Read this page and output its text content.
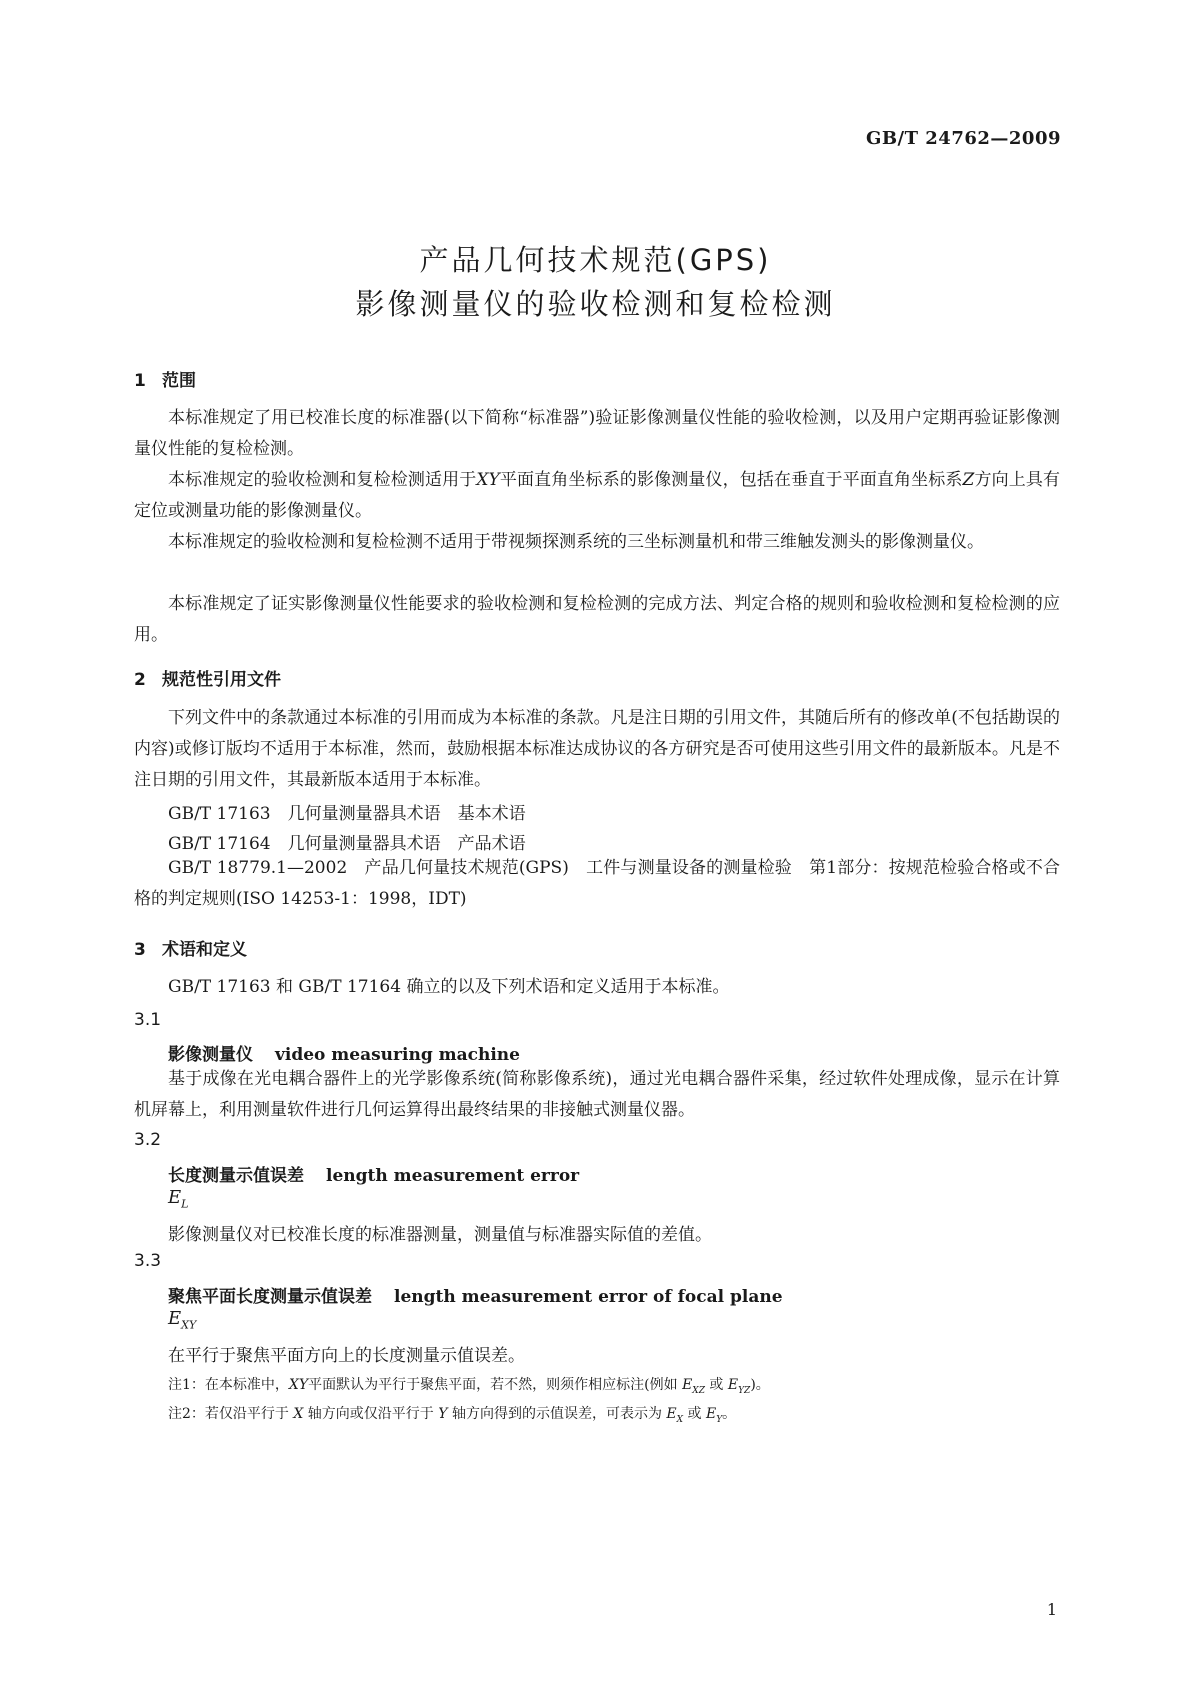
GB/T 24762—2009
产品几何技术规范(GPS)
影像测量仪的验收检测和复检检测
1 范围
本标准规定了用已校准长度的标准器(以下简称“标准器”)验证影像测量仪性能的验收检测，以及用户定期再验证影像测量仪性能的复检检测。
本标准规定的验收检测和复检检测适用于XY平面直角坐标系的影像测量仪，包括在垂直于平面直角坐标系Z方向上具有定位或测量功能的影像测量仪。
本标准规定的验收检测和复检检测不适用于带视频探测系统的三坐标测量机和带三维触发测头的影像测量仪。
本标准规定了证实影像测量仪性能要求的验收检测和复检检测的完成方法、判定合格的规则和验收检测和复检检测的应用。
2 规范性引用文件
下列文件中的条款通过本标准的引用而成为本标准的条款。凡是注日期的引用文件，其随后所有的修改单(不包括勘误的内容)或修订版均不适用于本标准，然而，鼓励根据本标准达成协议的各方研究是否可使用这些引用文件的最新版本。凡是不注日期的引用文件，其最新版本适用于本标准。
GB/T 17163　几何量测量器具术语　基本术语
GB/T 17164　几何量测量器具术语　产品术语
GB/T 18779.1—2002　产品几何量技术规范(GPS)　工件与测量设备的测量检验　第1部分：按规范检验合格或不合格的判定规则(ISO 14253-1：1998，IDT)
3 术语和定义
GB/T 17163 和 GB/T 17164 确立的以及下列术语和定义适用于本标准。
3.1
影像测量仪 video measuring machine
基于成像在光电耦合器件上的光学影像系统(简称影像系统)，通过光电耦合器件采集，经过软件处理成像，显示在计算机屏幕上，利用测量软件进行几何运算得出最终结果的非接触式测量仪器。
3.2
长度测量示值误差 length measurement error
$E_L$
影像测量仪对已校准长度的标准器测量，测量值与标准器实际值的差值。
3.3
聚焦平面长度测量示值误差 length measurement error of focal plane
$E_{XY}$
在平行于聚焦平面方向上的长度测量示值误差。
注1：在本标准中，XY平面默认为平行于聚焦平面，若不然，则须作相应标注(例如 $E_{XZ}$ 或 $E_{YZ}$)。
注2：若仅沿平行于 X 轴方向或仅沿平行于 Y 轴方向得到的示值误差，可表示为 $E_X$ 或 $E_Y$。
1
